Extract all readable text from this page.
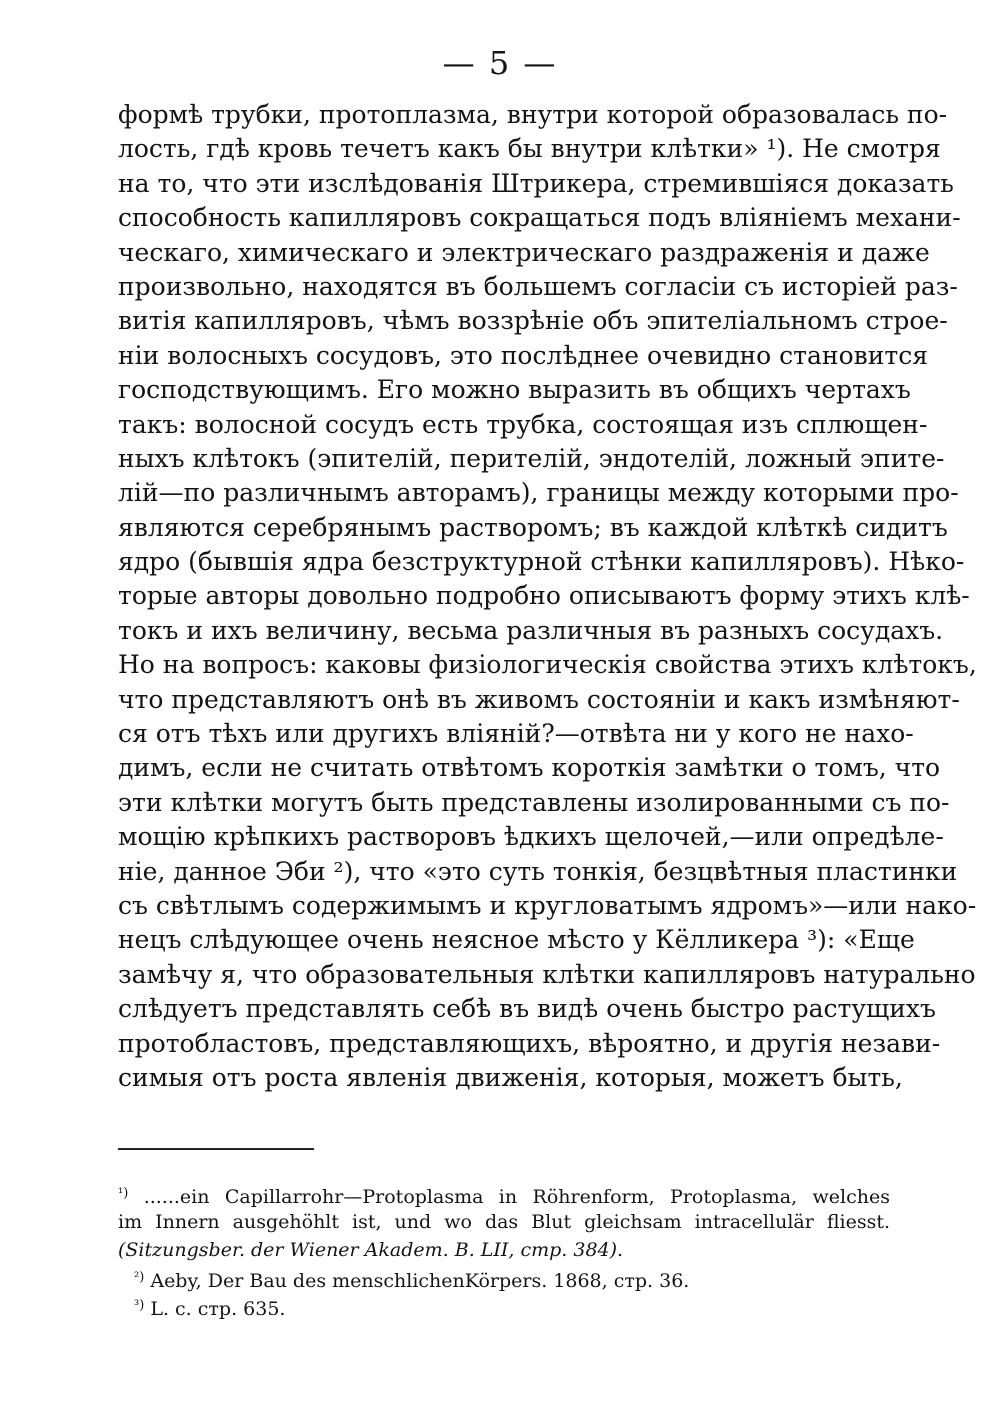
— 5 —
формѣ трубки, протоплазма, внутри которой образовалась по-
лость, гдѣ кровь течетъ какъ бы внутри клѣтки» ¹). Не смотря
на то, что эти изслѣдованія Штрикера, стремившіяся доказать
способность капилляровъ сокращаться подъ вліяніемъ механи-
ческаго, химическаго и электрическаго раздраженія и даже
произвольно, находятся въ большемъ согласіи съ исторіей раз-
витія капилляровъ, чѣмъ воззрѣніе объ эпителіальномъ строе-
ніи волосныхъ сосудовъ, это послѣднее очевидно становится
господствующимъ. Его можно выразить въ общихъ чертахъ
такъ: волосной сосудъ есть трубка, состоящая изъ сплющен-
ныхъ клѣтокъ (эпителій, перителій, эндотелій, ложный эпите-
лій—по различнымъ авторамъ), границы между которыми про-
являются серебрянымъ растворомъ; въ каждой клѣткѣ сидитъ
ядро (бывшія ядра безструктурной стѣнки капилляровъ). Нѣко-
торые авторы довольно подробно описываютъ форму этихъ клѣ-
токъ и ихъ величину, весьма различныя въ разныхъ сосудахъ.
Но на вопросъ: каковы физіологическія свойства этихъ клѣтокъ,
что представляютъ онѣ въ живомъ состояніи и какъ измѣняют-
ся отъ тѣхъ или другихъ вліяній?—отвѣта ни у кого не нахо-
димъ, если не считать отвѣтомъ короткія замѣтки о томъ, что
эти клѣтки могутъ быть представлены изолированными съ по-
мощію крѣпкихъ растворовъ ѣдкихъ щелочей,—или опредѣле-
ніе, данное Эби ²), что «это суть тонкія, безцвѣтныя пластинки
съ свѣтлымъ содержимымъ и кругловатымъ ядромъ»—или нако-
нецъ слѣдующее очень неясное мѣсто у Кёлликера ³): «Еще
замѣчу я, что образовательныя клѣтки капилляровъ натурально
слѣдуетъ представлять себѣ въ видѣ очень быстро растущихъ
протобластовъ, представляющихъ, вѣроятно, и другія незави-
симыя отъ роста явленія движенія, которыя, можетъ быть,
$^{^1)}$ ......ein Capillarrohr—Protoplasma in Röhrenform, Protoplasma, welches
im Innern ausgehöhlt ist, und wo das Blut gleichsam intracellulär fliesst.
(Sitzungsber. der Wiener Akadem. B. LII, стр. 384).
$^{^2)}$ Aeby, Der Bau des menschlichenKörpers. 1868, стр. 36.
$^{^3)}$ L. c. стр. 635.
